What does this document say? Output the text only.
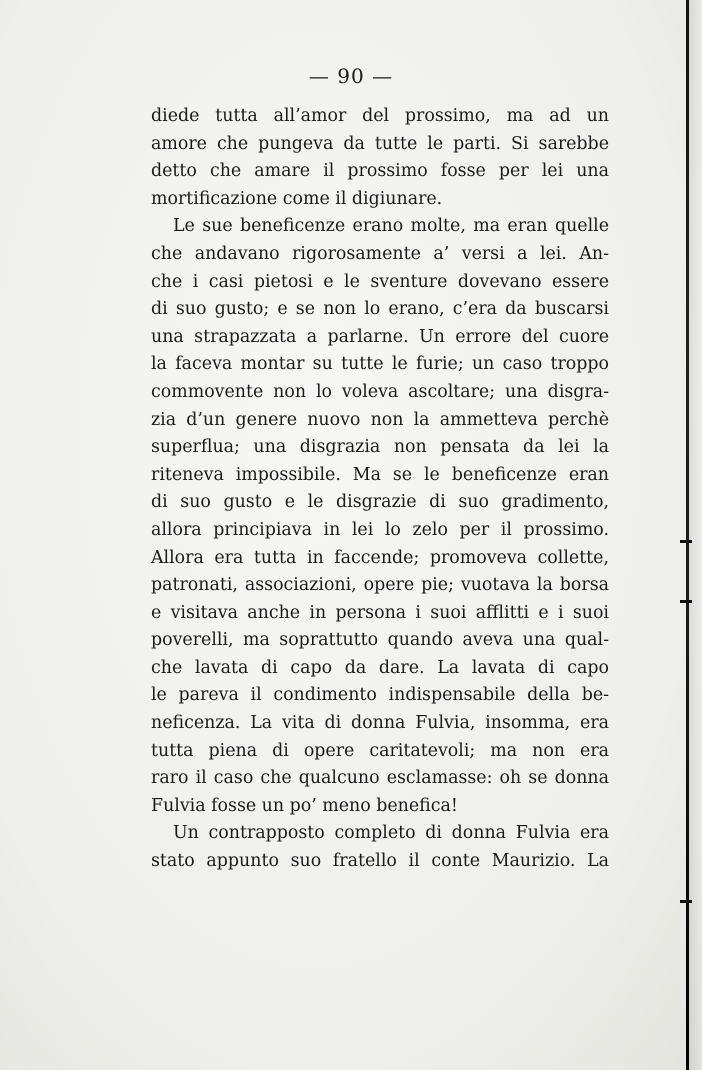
— 90 —
diede tutta all’amor del prossimo, ma ad un
amore che pungeva da tutte le parti. Si sarebbe
detto che amare il prossimo fosse per lei una
mortificazione come il digiunare.
Le sue beneficenze erano molte, ma eran quelle
che andavano rigorosamente a’ versi a lei. An-
che i casi pietosi e le sventure dovevano essere
di suo gusto; e se non lo erano, c’era da buscarsi
una strapazzata a parlarne. Un errore del cuore
la faceva montar su tutte le furie; un caso troppo
commovente non lo voleva ascoltare; una disgra-
zia d’un genere nuovo non la ammetteva perchè
superflua; una disgrazia non pensata da lei la
riteneva impossibile. Ma se le beneficenze eran
di suo gusto e le disgrazie di suo gradimento,
allora principiava in lei lo zelo per il prossimo.
Allora era tutta in faccende; promoveva collette,
patronati, associazioni, opere pie; vuotava la borsa
e visitava anche in persona i suoi afflitti e i suoi
poverelli, ma soprattutto quando aveva una qual-
che lavata di capo da dare. La lavata di capo
le pareva il condimento indispensabile della be-
neficenza. La vita di donna Fulvia, insomma, era
tutta piena di opere caritatevoli; ma non era
raro il caso che qualcuno esclamasse: oh se donna
Fulvia fosse un po’ meno benefica!
Un contrapposto completo di donna Fulvia era
stato appunto suo fratello il conte Maurizio. La
